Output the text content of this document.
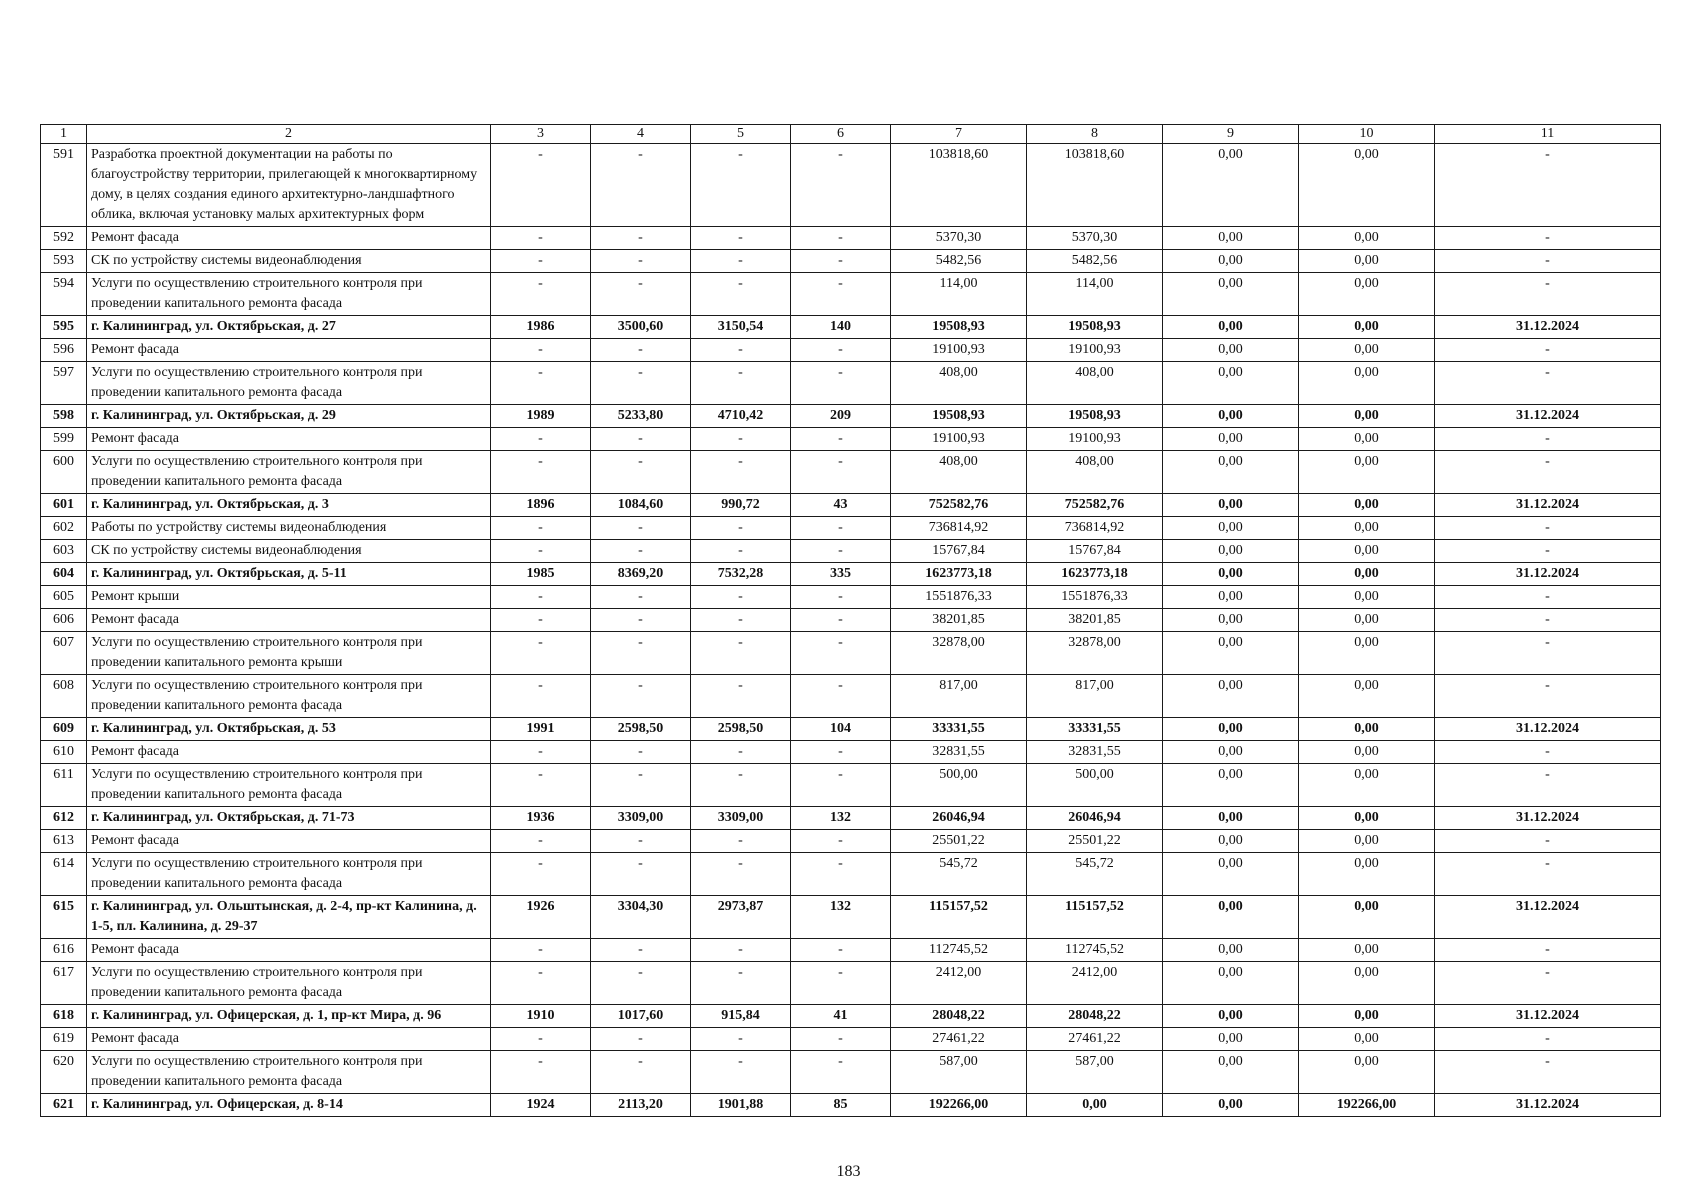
1	2	3	4	5	6	7	8	9	10	11
591	Разработка проектной документации на работы по благоустройству территории, прилегающей к многоквартирному дому, в целях создания единого архитектурно-ландшафтного облика, включая установку малых архитектурных форм	-	-	-	-	103818,60	103818,60	0,00	0,00	-
592	Ремонт фасада	-	-	-	-	5370,30	5370,30	0,00	0,00	-
593	СК по устройству системы видеонаблюдения	-	-	-	-	5482,56	5482,56	0,00	0,00	-
594	Услуги по осуществлению строительного контроля при проведении капитального ремонта фасада	-	-	-	-	114,00	114,00	0,00	0,00	-
595	г. Калининград, ул. Октябрьская, д. 27	1986	3500,60	3150,54	140	19508,93	19508,93	0,00	0,00	31.12.2024
596	Ремонт фасада	-	-	-	-	19100,93	19100,93	0,00	0,00	-
597	Услуги по осуществлению строительного контроля при проведении капитального ремонта фасада	-	-	-	-	408,00	408,00	0,00	0,00	-
598	г. Калининград, ул. Октябрьская, д. 29	1989	5233,80	4710,42	209	19508,93	19508,93	0,00	0,00	31.12.2024
599	Ремонт фасада	-	-	-	-	19100,93	19100,93	0,00	0,00	-
600	Услуги по осуществлению строительного контроля при проведении капитального ремонта фасада	-	-	-	-	408,00	408,00	0,00	0,00	-
601	г. Калининград, ул. Октябрьская, д. 3	1896	1084,60	990,72	43	752582,76	752582,76	0,00	0,00	31.12.2024
602	Работы по устройству системы видеонаблюдения	-	-	-	-	736814,92	736814,92	0,00	0,00	-
603	СК по устройству системы видеонаблюдения	-	-	-	-	15767,84	15767,84	0,00	0,00	-
604	г. Калининград, ул. Октябрьская, д. 5-11	1985	8369,20	7532,28	335	1623773,18	1623773,18	0,00	0,00	31.12.2024
605	Ремонт крыши	-	-	-	-	1551876,33	1551876,33	0,00	0,00	-
606	Ремонт фасада	-	-	-	-	38201,85	38201,85	0,00	0,00	-
607	Услуги по осуществлению строительного контроля при проведении капитального ремонта крыши	-	-	-	-	32878,00	32878,00	0,00	0,00	-
608	Услуги по осуществлению строительного контроля при проведении капитального ремонта фасада	-	-	-	-	817,00	817,00	0,00	0,00	-
609	г. Калининград, ул. Октябрьская, д. 53	1991	2598,50	2598,50	104	33331,55	33331,55	0,00	0,00	31.12.2024
610	Ремонт фасада	-	-	-	-	32831,55	32831,55	0,00	0,00	-
611	Услуги по осуществлению строительного контроля при проведении капитального ремонта фасада	-	-	-	-	500,00	500,00	0,00	0,00	-
612	г. Калининград, ул. Октябрьская, д. 71-73	1936	3309,00	3309,00	132	26046,94	26046,94	0,00	0,00	31.12.2024
613	Ремонт фасада	-	-	-	-	25501,22	25501,22	0,00	0,00	-
614	Услуги по осуществлению строительного контроля при проведении капитального ремонта фасада	-	-	-	-	545,72	545,72	0,00	0,00	-
615	г. Калининград, ул. Ольштынская, д. 2-4, пр-кт Калинина, д. 1-5, пл. Калинина, д. 29-37	1926	3304,30	2973,87	132	115157,52	115157,52	0,00	0,00	31.12.2024
616	Ремонт фасада	-	-	-	-	112745,52	112745,52	0,00	0,00	-
617	Услуги по осуществлению строительного контроля при проведении капитального ремонта фасада	-	-	-	-	2412,00	2412,00	0,00	0,00	-
618	г. Калининград, ул. Офицерская, д. 1, пр-кт Мира, д. 96	1910	1017,60	915,84	41	28048,22	28048,22	0,00	0,00	31.12.2024
619	Ремонт фасада	-	-	-	-	27461,22	27461,22	0,00	0,00	-
620	Услуги по осуществлению строительного контроля при проведении капитального ремонта фасада	-	-	-	-	587,00	587,00	0,00	0,00	-
621	г. Калининград, ул. Офицерская, д. 8-14	1924	2113,20	1901,88	85	192266,00	0,00	0,00	192266,00	31.12.2024
183
